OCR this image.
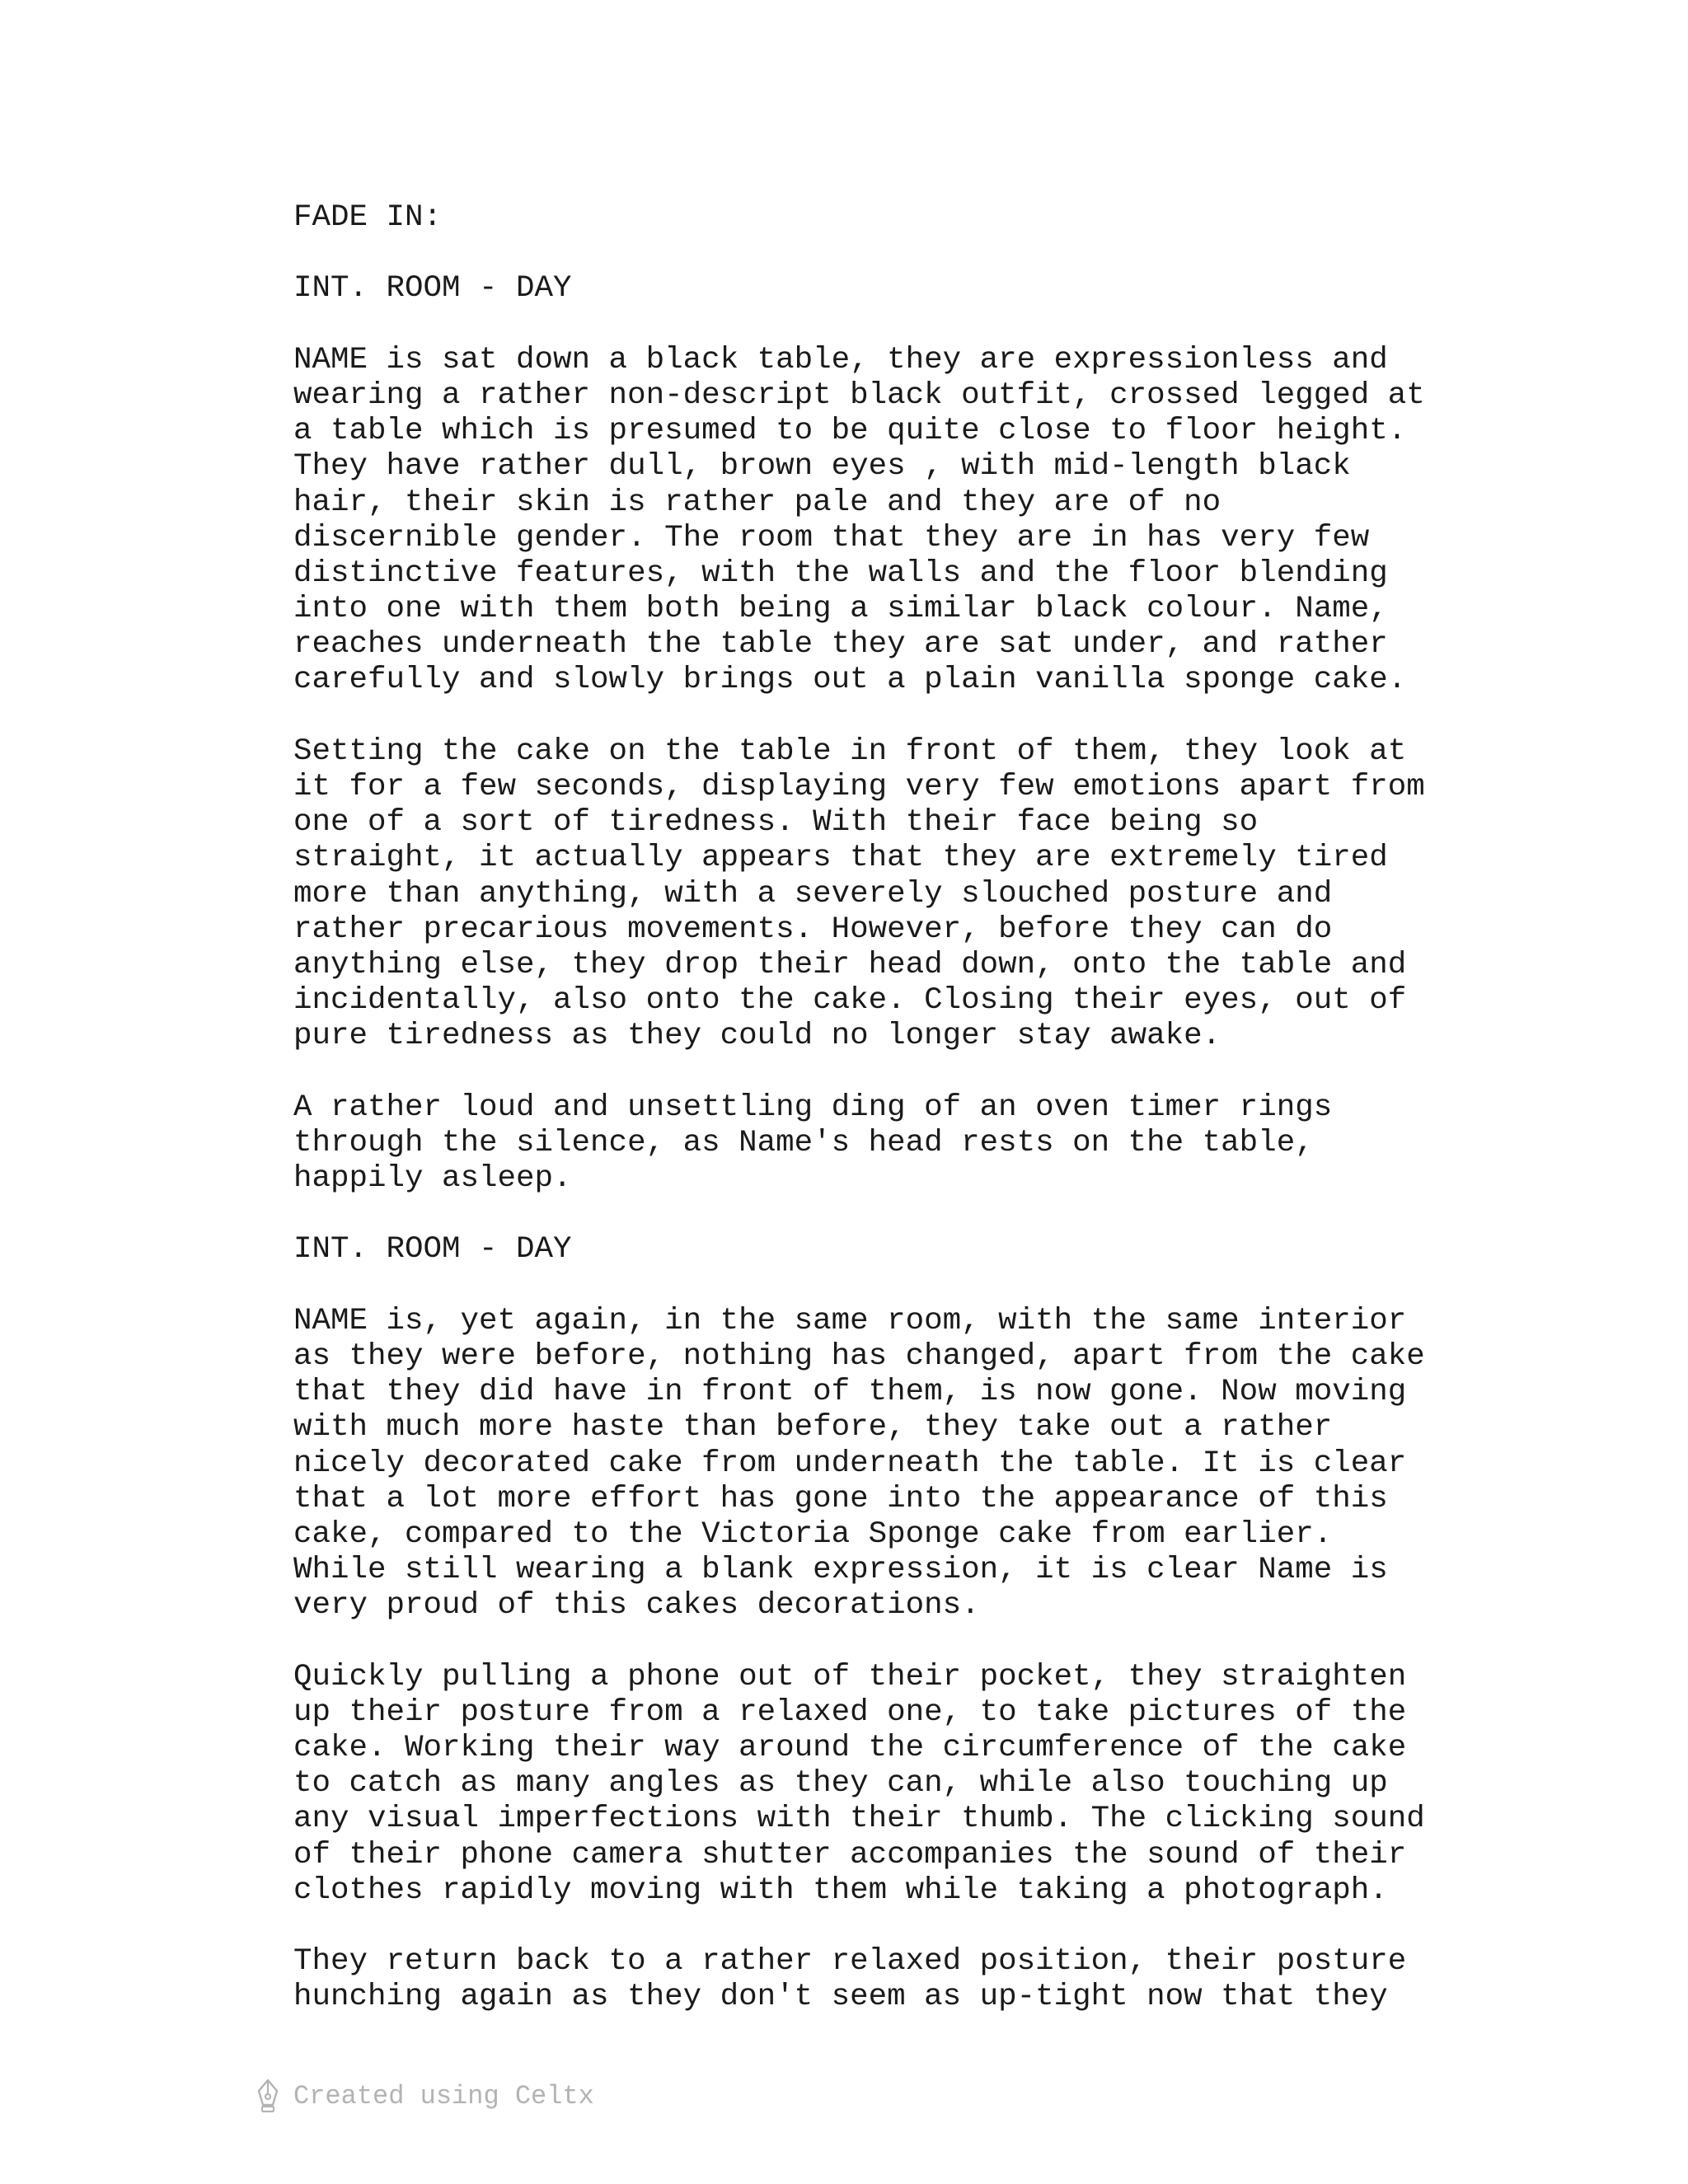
FADE IN:
INT. ROOM - DAY
NAME is sat down a black table, they are expressionless and
wearing a rather non-descript black outfit, crossed legged at
a table which is presumed to be quite close to floor height.
They have rather dull, brown eyes , with mid-length black
hair, their skin is rather pale and they are of no
discernible gender. The room that they are in has very few
distinctive features, with the walls and the floor blending
into one with them both being a similar black colour. Name,
reaches underneath the table they are sat under, and rather
carefully and slowly brings out a plain vanilla sponge cake.
Setting the cake on the table in front of them, they look at
it for a few seconds, displaying very few emotions apart from
one of a sort of tiredness. With their face being so
straight, it actually appears that they are extremely tired
more than anything, with a severely slouched posture and
rather precarious movements. However, before they can do
anything else, they drop their head down, onto the table and
incidentally, also onto the cake. Closing their eyes, out of
pure tiredness as they could no longer stay awake.
A rather loud and unsettling ding of an oven timer rings
through the silence, as Name's head rests on the table,
happily asleep.
INT. ROOM - DAY
NAME is, yet again, in the same room, with the same interior
as they were before, nothing has changed, apart from the cake
that they did have in front of them, is now gone. Now moving
with much more haste than before, they take out a rather
nicely decorated cake from underneath the table. It is clear
that a lot more effort has gone into the appearance of this
cake, compared to the Victoria Sponge cake from earlier.
While still wearing a blank expression, it is clear Name is
very proud of this cakes decorations.
Quickly pulling a phone out of their pocket, they straighten
up their posture from a relaxed one, to take pictures of the
cake. Working their way around the circumference of the cake
to catch as many angles as they can, while also touching up
any visual imperfections with their thumb. The clicking sound
of their phone camera shutter accompanies the sound of their
clothes rapidly moving with them while taking a photograph.
They return back to a rather relaxed position, their posture
hunching again as they don't seem as up-tight now that they
Created using Celtx
